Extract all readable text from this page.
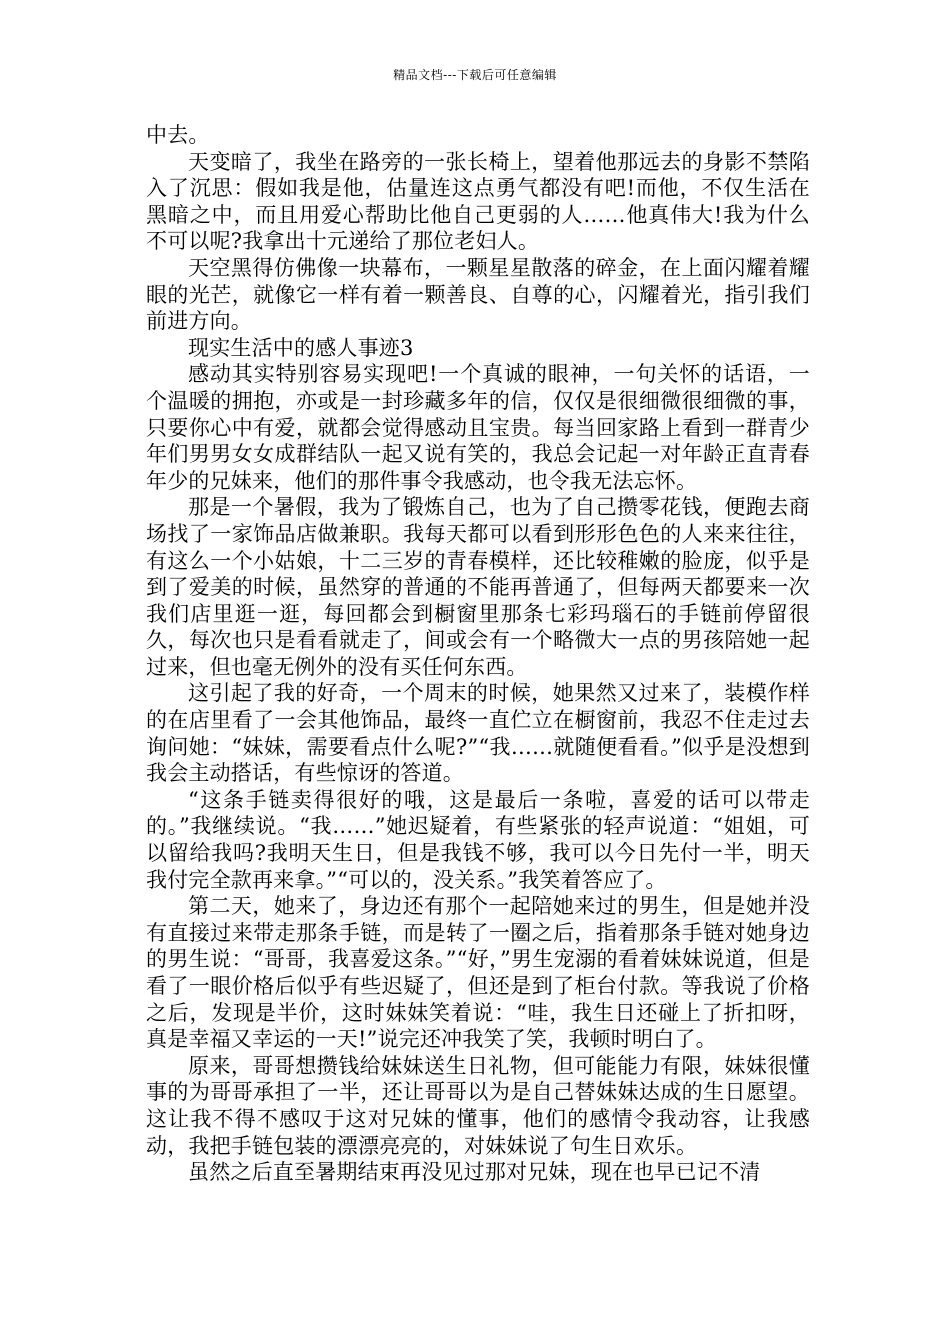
精品文档---下载后可任意编辑

中去。

天变暗了，我坐在路旁的一张长椅上，望着他那远去的身影不禁陷入了沉思：假如我是他，估量连这点勇气都没有吧!而他，不仅生活在黑暗之中，而且用爱心帮助比他自己更弱的人……他真伟大!我为什么不可以呢?我拿出十元递给了那位老妇人。

天空黑得仿佛像一块幕布，一颗星星散落的碎金，在上面闪耀着耀眼的光芒，就像它一样有着一颗善良、自尊的心，闪耀着光，指引我们前进方向。

现实生活中的感人事迹3

感动其实特别容易实现吧!一个真诚的眼神，一句关怀的话语，一个温暖的拥抱，亦或是一封珍藏多年的信，仅仅是很细微很细微的事，只要你心中有爱，就都会觉得感动且宝贵。每当回家路上看到一群青少年们男男女女成群结队一起又说有笑的，我总会记起一对年龄正直青春年少的兄妹来，他们的那件事令我感动，也令我无法忘怀。

那是一个暑假，我为了锻炼自己，也为了自己攒零花钱，便跑去商场找了一家饰品店做兼职。我每天都可以看到形形色色的人来来往往，有这么一个小姑娘，十二三岁的青春模样，还比较稚嫩的脸庞，似乎是到了爱美的时候，虽然穿的普通的不能再普通了，但每两天都要来一次我们店里逛一逛，每回都会到橱窗里那条七彩玛瑙石的手链前停留很久，每次也只是看看就走了，间或会有一个略微大一点的男孩陪她一起过来，但也毫无例外的没有买任何东西。

这引起了我的好奇，一个周末的时候，她果然又过来了，装模作样的在店里看了一会其他饰品，最终一直伫立在橱窗前，我忍不住走过去询问她：“妹妹，需要看点什么呢?”“我……就随便看看。”似乎是没想到我会主动搭话，有些惊讶的答道。

“这条手链卖得很好的哦，这是最后一条啦，喜爱的话可以带走的。”我继续说。“我……”她迟疑着，有些紧张的轻声说道：“姐姐，可以留给我吗?我明天生日，但是我钱不够，我可以今日先付一半，明天我付完全款再来拿。”“可以的，没关系。”我笑着答应了。

第二天，她来了，身边还有那个一起陪她来过的男生，但是她并没有直接过来带走那条手链，而是转了一圈之后，指着那条手链对她身边的男生说：“哥哥，我喜爱这条。”“好，”男生宠溺的看着妹妹说道，但是看了一眼价格后似乎有些迟疑了，但还是到了柜台付款。等我说了价格之后，发现是半价，这时妹妹笑着说：“哇，我生日还碰上了折扣呀，真是幸福又幸运的一天!”说完还冲我笑了笑，我顿时明白了。

原来，哥哥想攒钱给妹妹送生日礼物，但可能能力有限，妹妹很懂事的为哥哥承担了一半，还让哥哥以为是自己替妹妹达成的生日愿望。这让我不得不感叹于这对兄妹的懂事，他们的感情令我动容，让我感动，我把手链包装的漂漂亮亮的，对妹妹说了句生日欢乐。

虽然之后直至暑期结束再没见过那对兄妹，现在也早已记不清
